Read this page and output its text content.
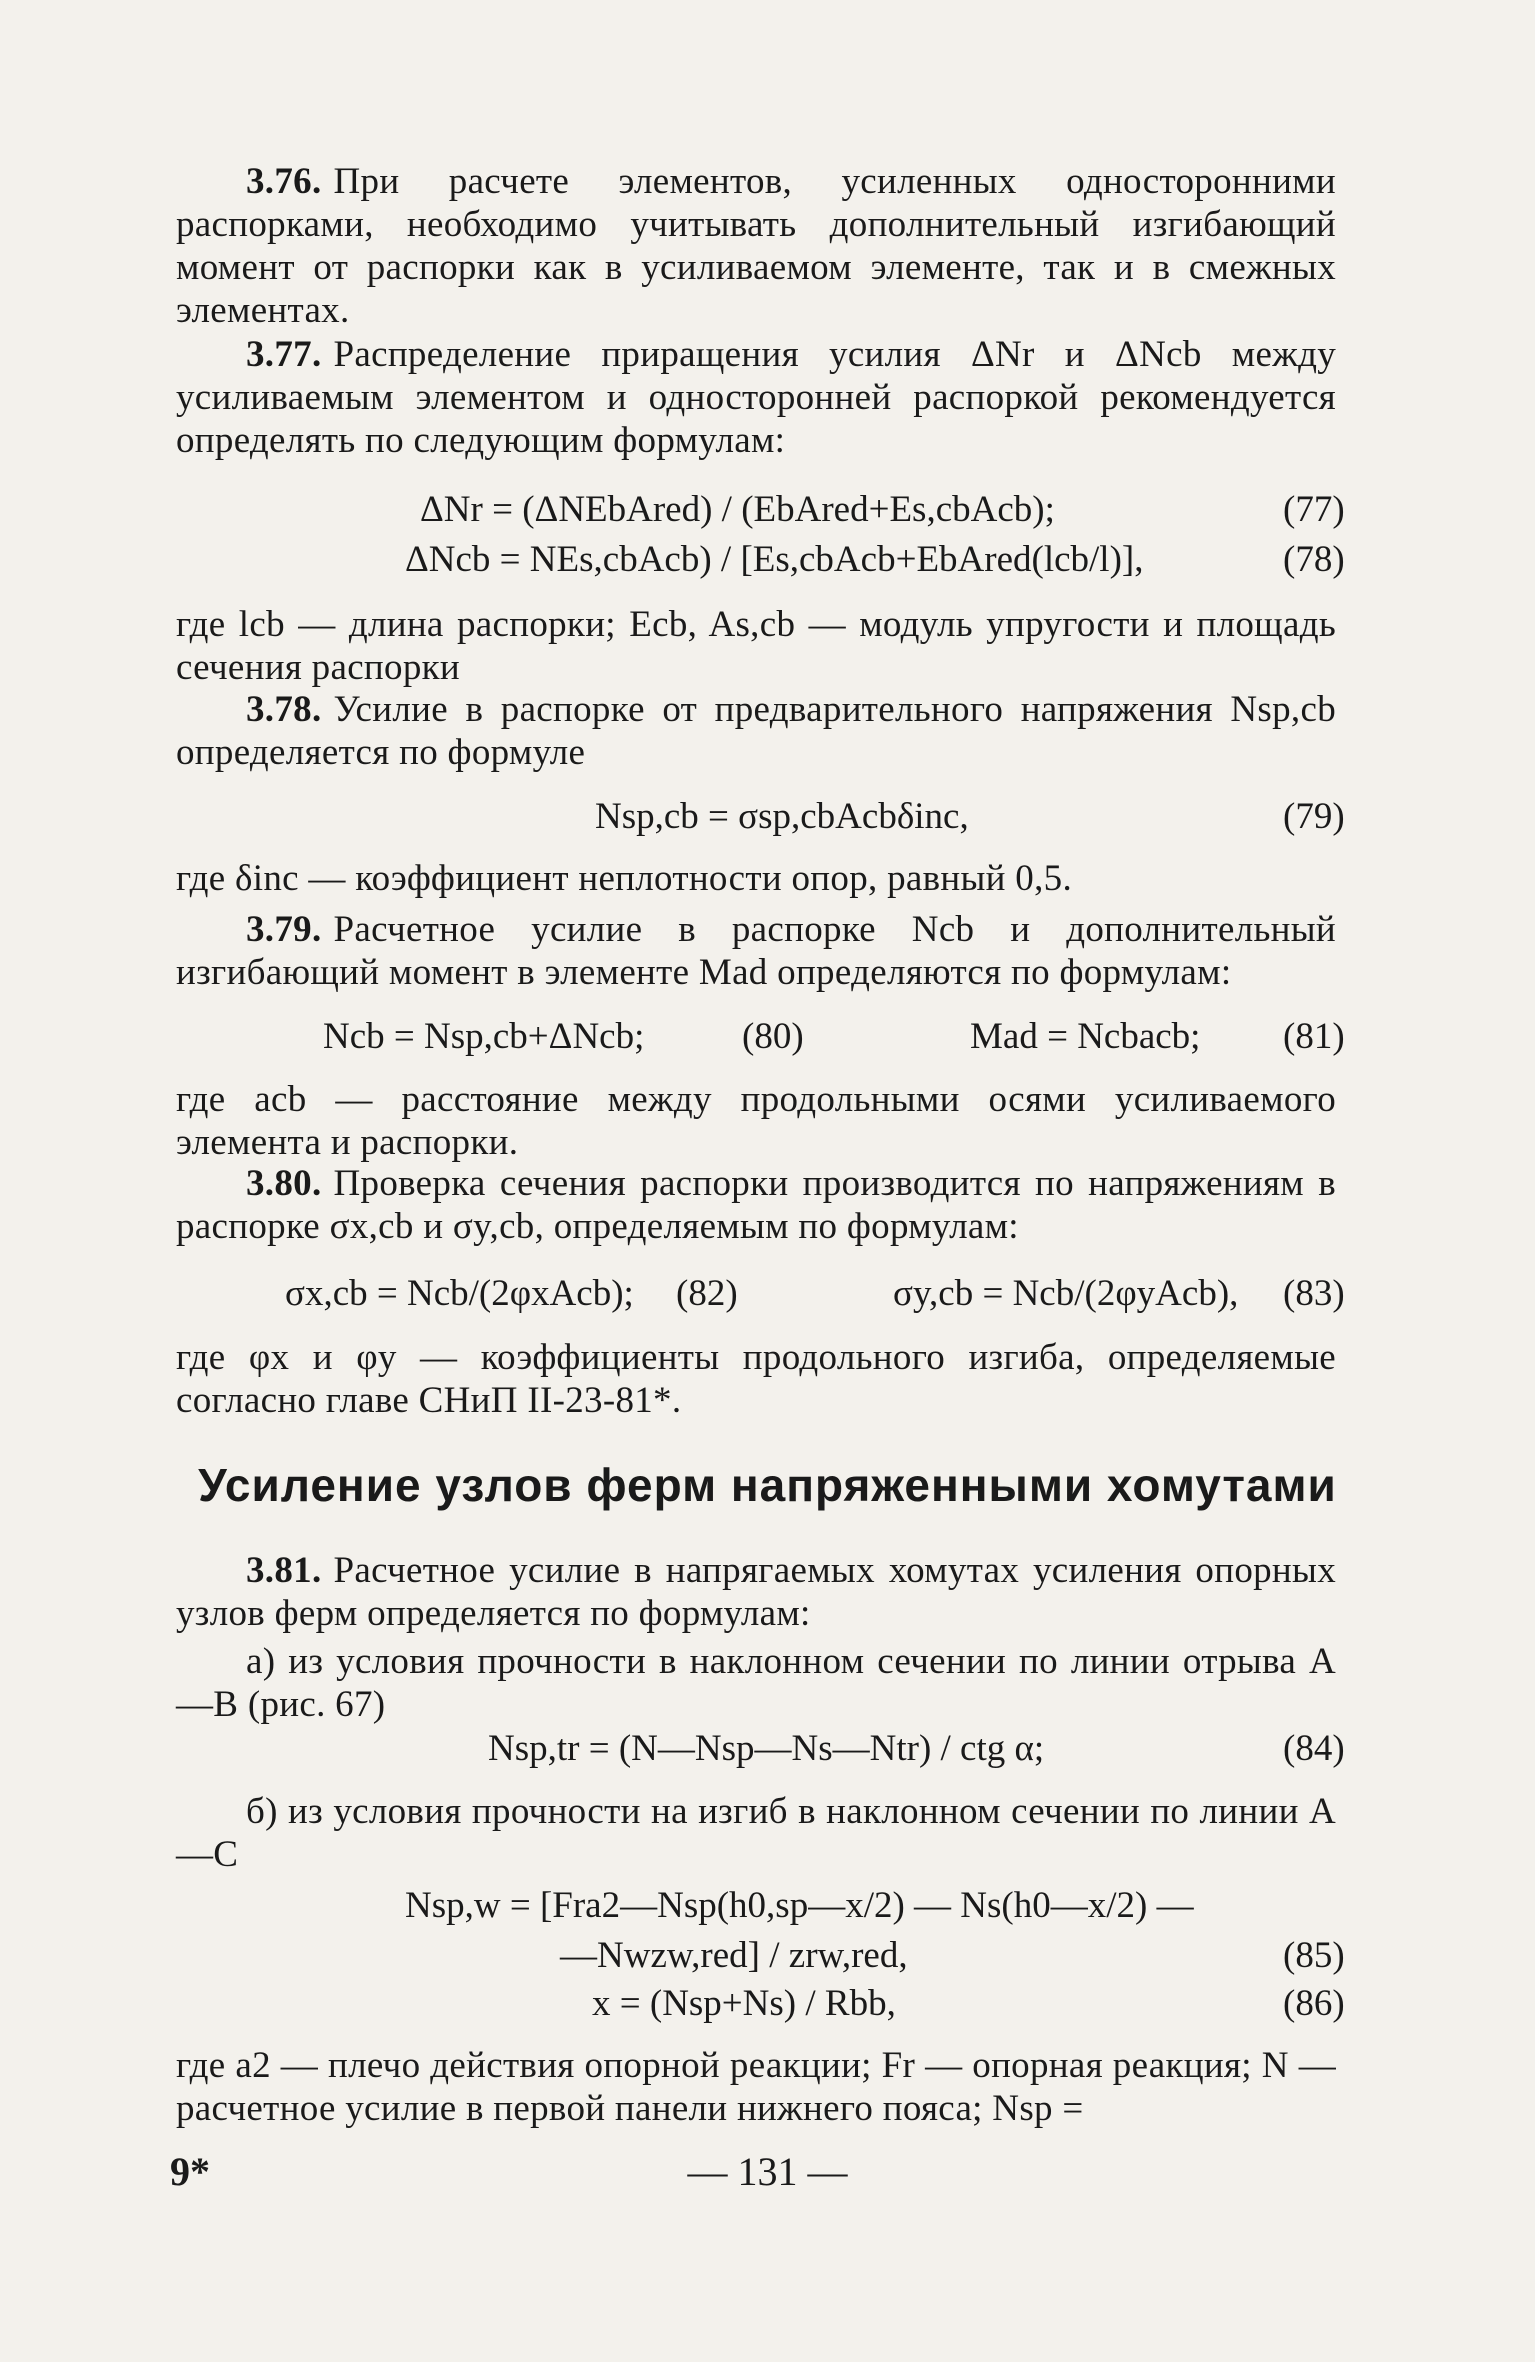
3.76. При расчете элементов, усиленных односторонними распорками, необходимо учитывать дополнительный изгибающий момент от распорки как в усиливаемом элементе, так и в смежных элементах.

3.77. Распределение приращения усилия ΔNr и ΔNcb между усиливаемым элементом и односторонней распоркой рекомендуется определять по следующим формулам:

ΔNr = (ΔNEbAred) / (EbAred+Es,cbAcb);	(77)
ΔNcb = NEs,cbAcb) / [Es,cbAcb+EbAred(lcb/l)],	(78)

где lcb — длина распорки; Ecb, As,cb — модуль упругости и площадь сечения распорки

3.78. Усилие в распорке от предварительного напряжения Nsp,cb определяется по формуле

Nsp,cb = σsp,cbAcbδinc,	(79)

где δinc — коэффициент неплотности опор, равный 0,5.

3.79. Расчетное усилие в распорке Ncb и дополнительный изгибающий момент в элементе Mad определяются по формулам:

Ncb = Nsp,cb+ΔNcb;	(80)	Mad = Ncbacb; (81)

где acb — расстояние между продольными осями усиливаемого элемента и распорки.

3.80. Проверка сечения распорки производится по напряжениям в распорке σx,cb и σy,cb, определяемым по формулам:

σx,cb = Ncb/(2φxAcb); (82)	σy,cb = Ncb/(2φyAcb), (83)

где φx и φy — коэффициенты продольного изгиба, определяемые согласно главе СНиП II-23-81*.

Усиление узлов ферм напряженными хомутами

3.81. Расчетное усилие в напрягаемых хомутах усиления опорных узлов ферм определяется по формулам:

а) из условия прочности в наклонном сечении по линии отрыва A—B (рис. 67)

Nsp,tr = (N—Nsp—Ns—Ntr) / ctg α;	(84)

б) из условия прочности на изгиб в наклонном сечении по линии A—C

Nsp,w = [Fra2—Nsp(h0,sp—x/2) — Ns(h0—x/2) —
—Nwzw,red] / zrw,red,	(85)
x = (Nsp+Ns) / Rbb,	(86)

где a2 — плечо действия опорной реакции; Fr — опорная реакция; N — расчетное усилие в первой панели нижнего пояса; Nsp =

9*	— 131 —
